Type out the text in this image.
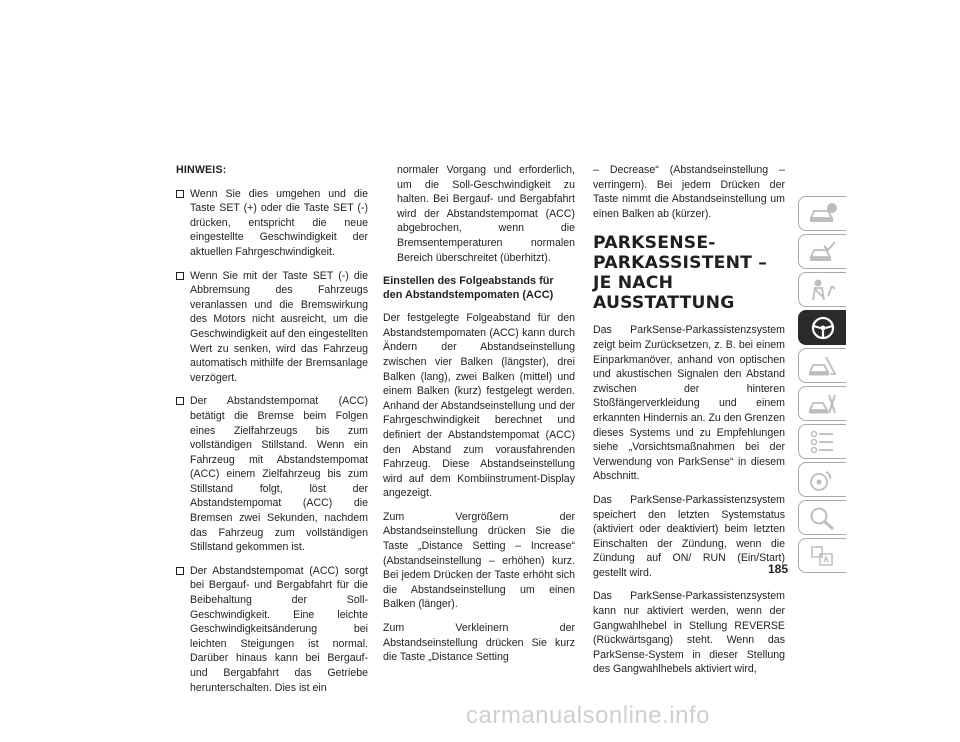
HINWEIS:
Wenn Sie dies umgehen und die Taste SET (+) oder die Taste SET (-) drücken, entspricht die neue eingestellte Geschwindigkeit der aktuellen Fahrgeschwindigkeit.
Wenn Sie mit der Taste SET (-) die Abbremsung des Fahrzeugs veranlassen und die Bremswirkung des Motors nicht ausreicht, um die Geschwindigkeit auf den eingestellten Wert zu senken, wird das Fahrzeug automatisch mithilfe der Bremsanlage verzögert.
Der Abstandstempomat (ACC) betätigt die Bremse beim Folgen eines Zielfahrzeugs bis zum vollständigen Stillstand. Wenn ein Fahrzeug mit Abstandstempomat (ACC) einem Zielfahrzeug bis zum Stillstand folgt, löst der Abstandstempomat (ACC) die Bremsen zwei Sekunden, nachdem das Fahrzeug zum vollständigen Stillstand gekommen ist.
Der Abstandstempomat (ACC) sorgt bei Bergauf- und Bergabfahrt für die Beibehaltung der Soll-Geschwindigkeit. Eine leichte Geschwindigkeitsänderung bei leichten Steigungen ist normal. Darüber hinaus kann bei Bergauf- und Bergabfahrt das Getriebe herunterschalten. Dies ist ein

normaler Vorgang und erforderlich, um die Soll-Geschwindigkeit zu halten. Bei Bergauf- und Bergabfahrt wird der Abstandstempomat (ACC) abgebrochen, wenn die Bremsentemperaturen normalen Bereich überschreitet (überhitzt).

Einstellen des Folgeabstands für den Abstandstempomaten (ACC)

Der festgelegte Folgeabstand für den Abstandstempomaten (ACC) kann durch Ändern der Abstandseinstellung zwischen vier Balken (längster), drei Balken (lang), zwei Balken (mittel) und einem Balken (kurz) festgelegt werden. Anhand der Abstandseinstellung und der Fahrgeschwindigkeit berechnet und definiert der Abstandstempomat (ACC) den Abstand zum vorausfahrenden Fahrzeug. Diese Abstandseinstellung wird auf dem Kombiinstrument-Display angezeigt.

Zum Vergrößern der Abstandseinstellung drücken Sie die Taste „Distance Setting – Increase“ (Abstandseinstellung – erhöhen) kurz. Bei jedem Drücken der Taste erhöht sich die Abstandseinstellung um einen Balken (länger).

Zum Verkleinern der Abstandseinstellung drücken Sie kurz die Taste „Distance Setting

– Decrease“ (Abstandseinstellung – verringern). Bei jedem Drücken der Taste nimmt die Abstandseinstellung um einen Balken ab (kürzer).

PARKSENSE-
PARKASSISTENT – JE NACH
AUSSTATTUNG

Das ParkSense-Parkassistenzsystem zeigt beim Zurücksetzen, z. B. bei einem Einparkmanöver, anhand von optischen und akustischen Signalen den Abstand zwischen der hinteren Stoßfängerverkleidung und einem erkannten Hindernis an. Zu den Grenzen dieses Systems und zu Empfehlungen siehe „Vorsichtsmaßnahmen bei der Verwendung von ParkSense“ in diesem Abschnitt.

Das ParkSense-Parkassistenzsystem speichert den letzten Systemstatus (aktiviert oder deaktiviert) beim letzten Einschalten der Zündung, wenn die Zündung auf ON/ RUN (Ein/Start) gestellt wird.

Das ParkSense-Parkassistenzsystem kann nur aktiviert werden, wenn der Gangwahlhebel in Stellung REVERSE (Rückwärtsgang) steht. Wenn das ParkSense-System in dieser Stellung des Gangwahlhebels aktiviert wird,

185
carmanualsonline.info
